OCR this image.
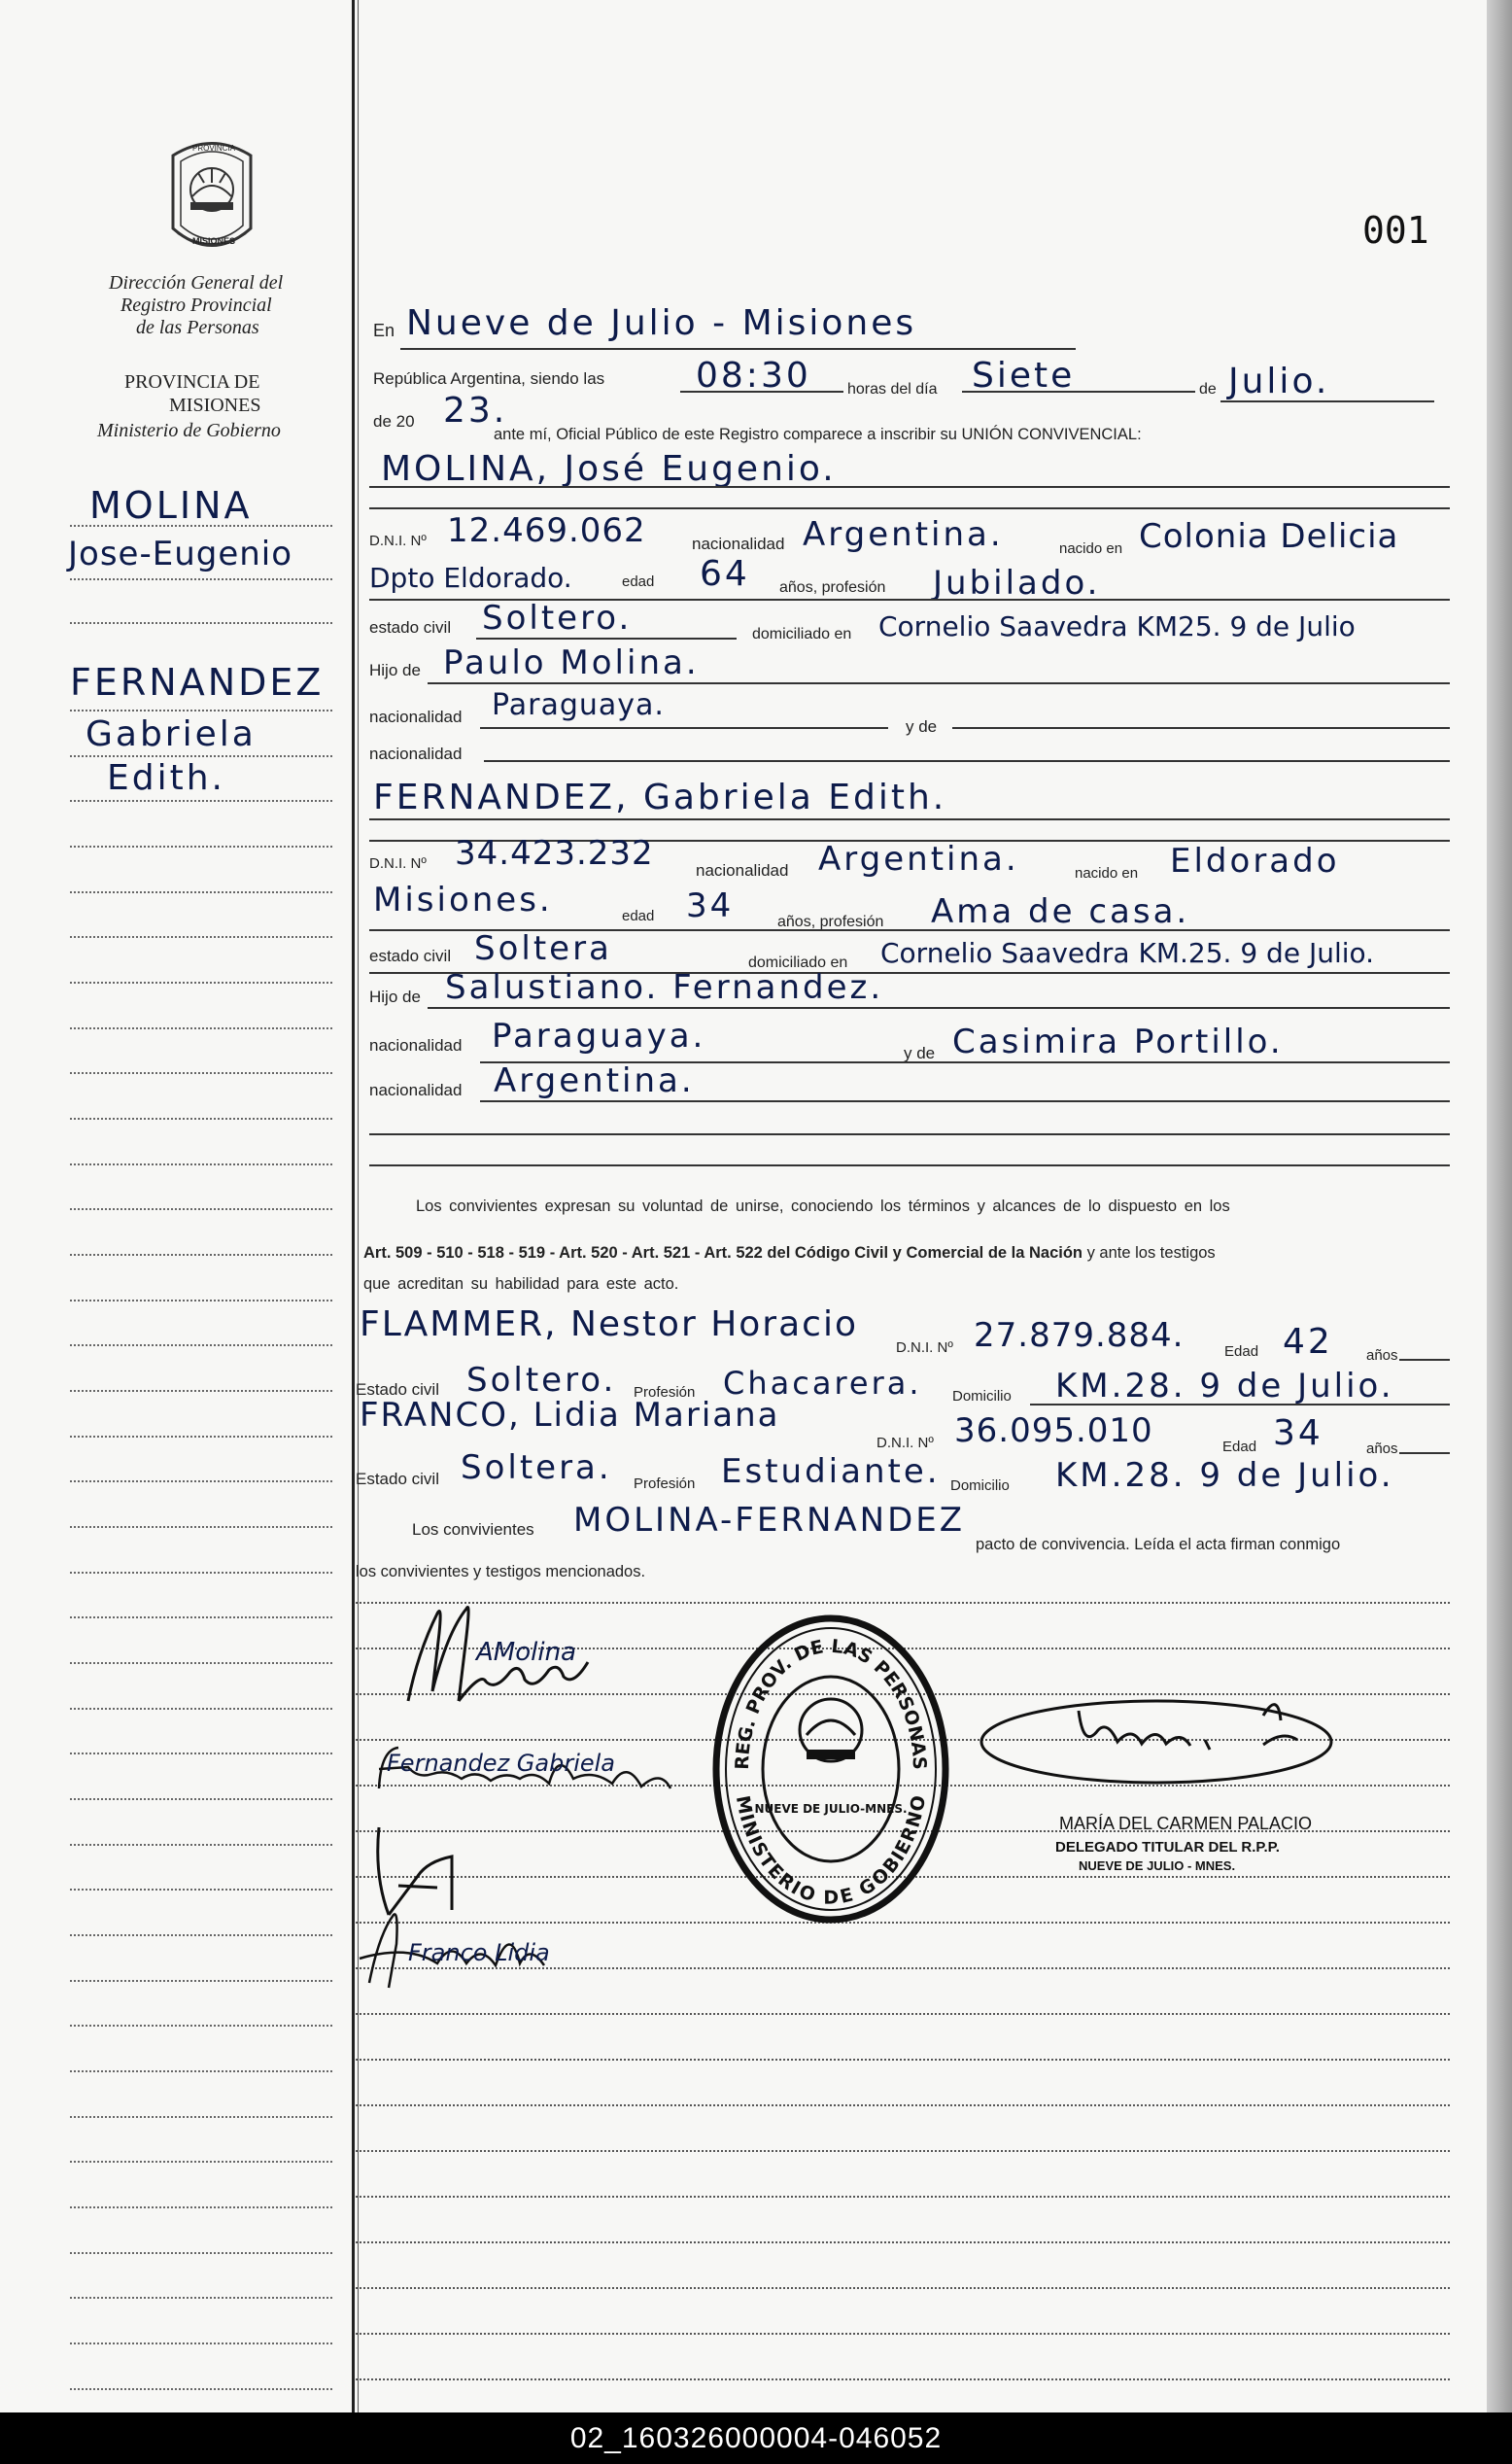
PROVINCIA
MISIONES
Dirección General del
Registro Provincial
de las Personas
PROVINCIA DE
MISIONES
Ministerio de Gobierno
001
MOLINA
Jose-Eugenio
FERNANDEZ
Gabriela
Edith.
En Nueve de Julio - Misiones
República Argentina, siendo las	08:30 horas del día Siete	de Julio.
de 20 23.
ante mí, Oficial Público de este Registro comparece a inscribir su UNIÓN CONVIVENCIAL:
MOLINA, José Eugenio.
D.N.I. Nº 12.469.062	nacionalidad Argentina.	nacido en Colonia Delicia
Dpto Eldorado.	edad 64 años, profesión Jubilado.
estado civil Soltero.	domiciliado en Cornelio Saavedra KM25. 9 de Julio
Hijo de Paulo Molina.
nacionalidad Paraguaya.
y de
nacionalidad
FERNANDEZ, Gabriela Edith.
D.N.I. Nº 34.423.232	nacionalidad Argentina.	nacido en Eldorado
Misiones.	edad 34	años, profesión Ama de casa.
estado civil Soltera	domiciliado en Cornelio Saavedra KM.25. 9 de Julio.
Hijo de Salustiano. Fernandez.
nacionalidad Paraguaya.	y de Casimira Portillo.
nacionalidad Argentina.
Los convivientes expresan su voluntad de unirse, conociendo los términos y alcances de lo dispuesto en los
Art. 509 - 510 - 518 - 519 - Art. 520 - Art. 521 - Art. 522 del Código Civil y Comercial de la Nación y ante los testigos
que acreditan su habilidad para este acto.
FLAMMER, Nestor Horacio
D.N.I. Nº 27.879.884.	Edad 42 años
Estado civil Soltero. Profesión Chacarera. Domicilio KM.28. 9 de Julio.
FRANCO, Lidia Mariana
D.N.I. Nº 36.095.010	Edad 34	años
Estado civil Soltera. Profesión Estudiante. Domicilio KM.28. 9 de Julio.
Los convivientes MOLINA-FERNANDEZ
pacto de convivencia. Leída el acta firman conmigo
los convivientes y testigos mencionados.
AMolina
Fernandez Gabriela
Franco Lidia
REG. PROV. DE LAS PERSONAS
MINISTERIO DE GOBIERNO
NUEVE DE JULIO-MNES.
MARÍA DEL CARMEN PALACIO
DELEGADO TITULAR DEL R.P.P.
NUEVE DE JULIO - MNES.
02_160326000004-046052
